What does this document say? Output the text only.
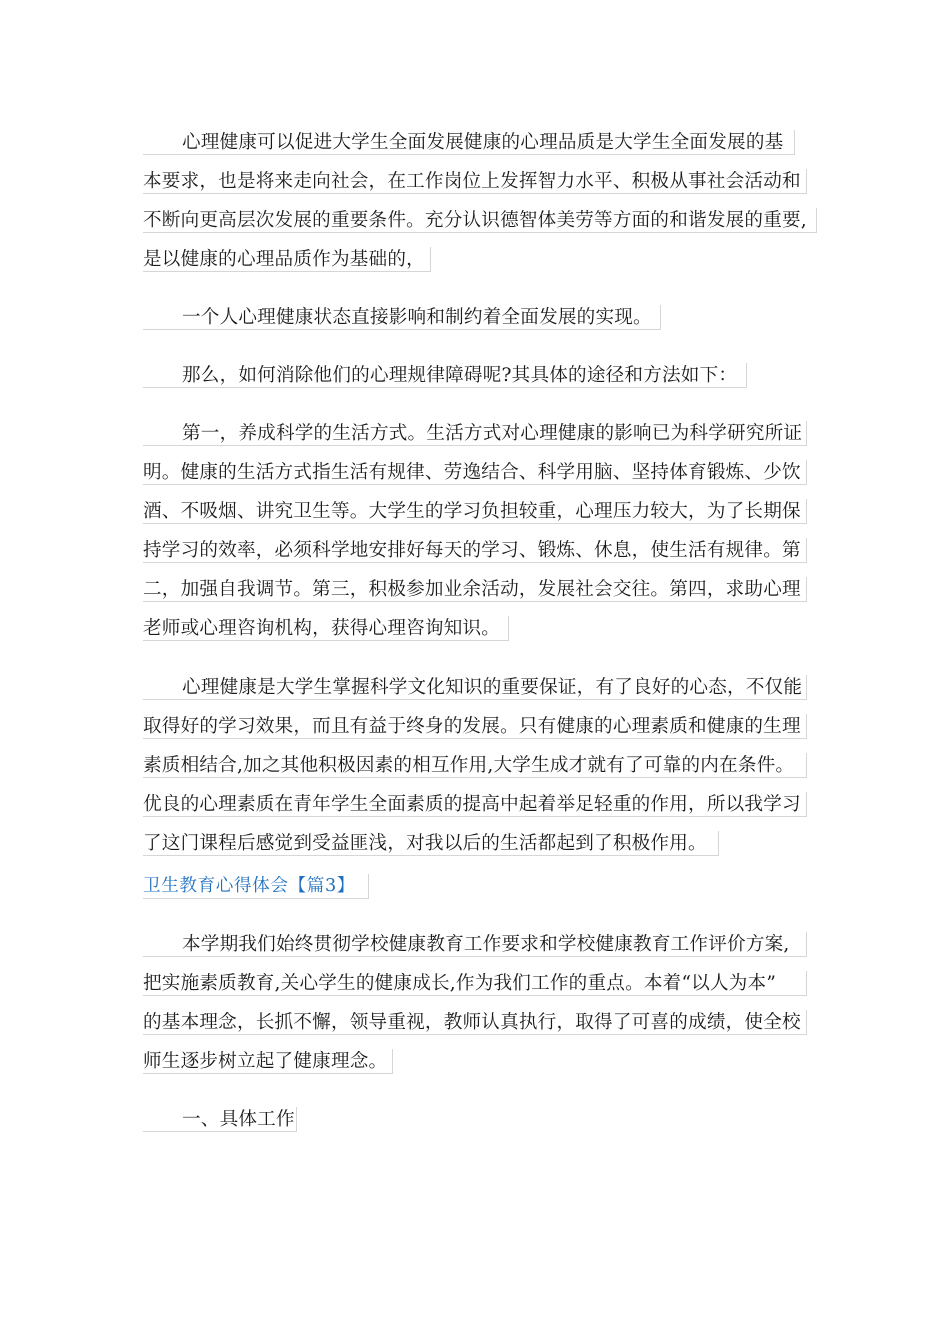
心理健康可以促进大学生全面发展健康的心理品质是大学生全面发展的基
本要求，也是将来走向社会，在工作岗位上发挥智力水平、积极从事社会活动和
不断向更高层次发展的重要条件。充分认识德智体美劳等方面的和谐发展的重要,
是以健康的心理品质作为基础的，
一个人心理健康状态直接影响和制约着全面发展的实现。
那么，如何消除他们的心理规律障碍呢?其具体的途径和方法如下：
第一，养成科学的生活方式。生活方式对心理健康的影响已为科学研究所证
明。健康的生活方式指生活有规律、劳逸结合、科学用脑、坚持体育锻炼、少饮
酒、不吸烟、讲究卫生等。大学生的学习负担较重，心理压力较大，为了长期保
持学习的效率，必须科学地安排好每天的学习、锻炼、休息，使生活有规律。第
二，加强自我调节。第三，积极参加业余活动，发展社会交往。第四，求助心理
老师或心理咨询机构，获得心理咨询知识。
心理健康是大学生掌握科学文化知识的重要保证，有了良好的心态，不仅能
取得好的学习效果，而且有益于终身的发展。只有健康的心理素质和健康的生理
素质相结合,加之其他积极因素的相互作用,大学生成才就有了可靠的内在条件。
优良的心理素质在青年学生全面素质的提高中起着举足轻重的作用，所以我学习
了这门课程后感觉到受益匪浅，对我以后的生活都起到了积极作用。
卫生教育心得体会【篇3】
本学期我们始终贯彻学校健康教育工作要求和学校健康教育工作评价方案,
把实施素质教育,关心学生的健康成长,作为我们工作的重点。本着“以人为本”
的基本理念，长抓不懈，领导重视，教师认真执行，取得了可喜的成绩，使全校
师生逐步树立起了健康理念。
一、具体工作
